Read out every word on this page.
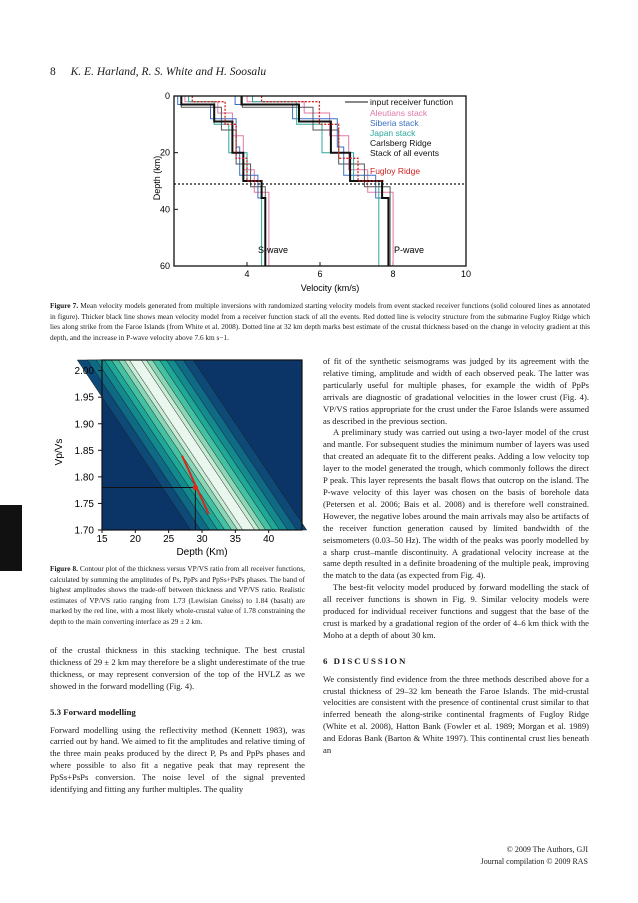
8 K. E. Harland, R. S. White and H. Soosalu
Depth (km)
0
20
40
60
4	6	8	10
Velocity (km/s)
input receiver function
Aleutians stack
Siberia stack
Japan stack
Carlsberg Ridge
Stack of all events
Fugloy Ridge
S-wave	P-wave
Figure 7. Mean velocity models generated from multiple inversions with randomized starting velocity models from event stacked receiver functions (solid coloured lines as annotated in figure). Thicker black line shows mean velocity model from a receiver function stack of all the events. Red dotted line is velocity structure from the submarine Fugloy Ridge which lies along strike from the Faroe Islands (from White et al. 2008). Dotted line at 32 km depth marks best estimate of the crustal thickness based on the change in velocity gradient at this depth, and the increase in P-wave velocity above 7.6 km s−1.
2.00
1.95
1.90
1.85
1.80
1.75
1.70
15 20 25 30 35 40
Vp/Vs
Depth (Km)
Figure 8. Contour plot of the thickness versus VP/VS ratio from all receiver functions, calculated by summing the amplitudes of Ps, PpPs and PpSs+PsPs phases. The band of highest amplitudes shows the trade-off between thickness and VP/VS ratio. Realistic estimates of VP/VS ratio ranging from 1.73 (Lewisian Gneiss) to 1.84 (basalt) are marked by the red line, with a most likely whole-crustal value of 1.78 constraining the depth to the main converting interface as 29 ± 2 km.

of the crustal thickness in this stacking technique. The best crustal thickness of 29 ± 2 km may therefore be a slight underestimate of the true thickness, or may represent conversion of the top of the HVLZ as we showed in the forward modelling (Fig. 4).

5.3 Forward modelling

Forward modelling using the reflectivity method (Kennett 1983), was carried out by hand. We aimed to fit the amplitudes and relative timing of the three main peaks produced by the direct P, Ps and PpPs phases and where possible to also fit a negative peak that may represent the PpSs+PsPs conversion. The noise level of the signal prevented identifying and fitting any further multiples. The quality

of fit of the synthetic seismograms was judged by its agreement with the relative timing, amplitude and width of each observed peak. The latter was particularly useful for multiple phases, for example the width of PpPs arrivals are diagnostic of gradational velocities in the lower crust (Fig. 4). VP/VS ratios appropriate for the crust under the Faroe Islands were assumed as described in the previous section.

A preliminary study was carried out using a two-layer model of the crust and mantle. For subsequent studies the minimum number of layers was used that created an adequate fit to the different peaks. Adding a low velocity top layer to the model generated the trough, which commonly follows the direct P peak. This layer represents the basalt flows that outcrop on the island. The P-wave velocity of this layer was chosen on the basis of borehole data (Petersen et al. 2006; Bais et al. 2008) and is therefore well constrained. However, the negative lobes around the main arrivals may also be artifacts of the receiver function generation caused by limited bandwidth of the seismometers (0.03–50 Hz). The width of the peaks was poorly modelled by a sharp crust–mantle discontinuity. A gradational velocity increase at the same depth resulted in a definite broadening of the multiple peak, improving the match to the data (as expected from Fig. 4).

The best-fit velocity model produced by forward modelling the stack of all receiver functions is shown in Fig. 9. Similar velocity models were produced for individual receiver functions and suggest that the base of the crust is marked by a gradational region of the order of 4–6 km thick with the Moho at a depth of about 30 km.

6 DISCUSSION

We consistently find evidence from the three methods described above for a crustal thickness of 29–32 km beneath the Faroe Islands. The mid-crustal velocities are consistent with the presence of continental crust similar to that inferred beneath the along-strike continental fragments of Fugloy Ridge (White et al. 2008), Hatton Bank (Fowler et al. 1989; Morgan et al. 1989) and Edoras Bank (Barton & White 1997). This continental crust lies beneath an

© 2009 The Authors, GJI
Journal compilation © 2009 RAS
